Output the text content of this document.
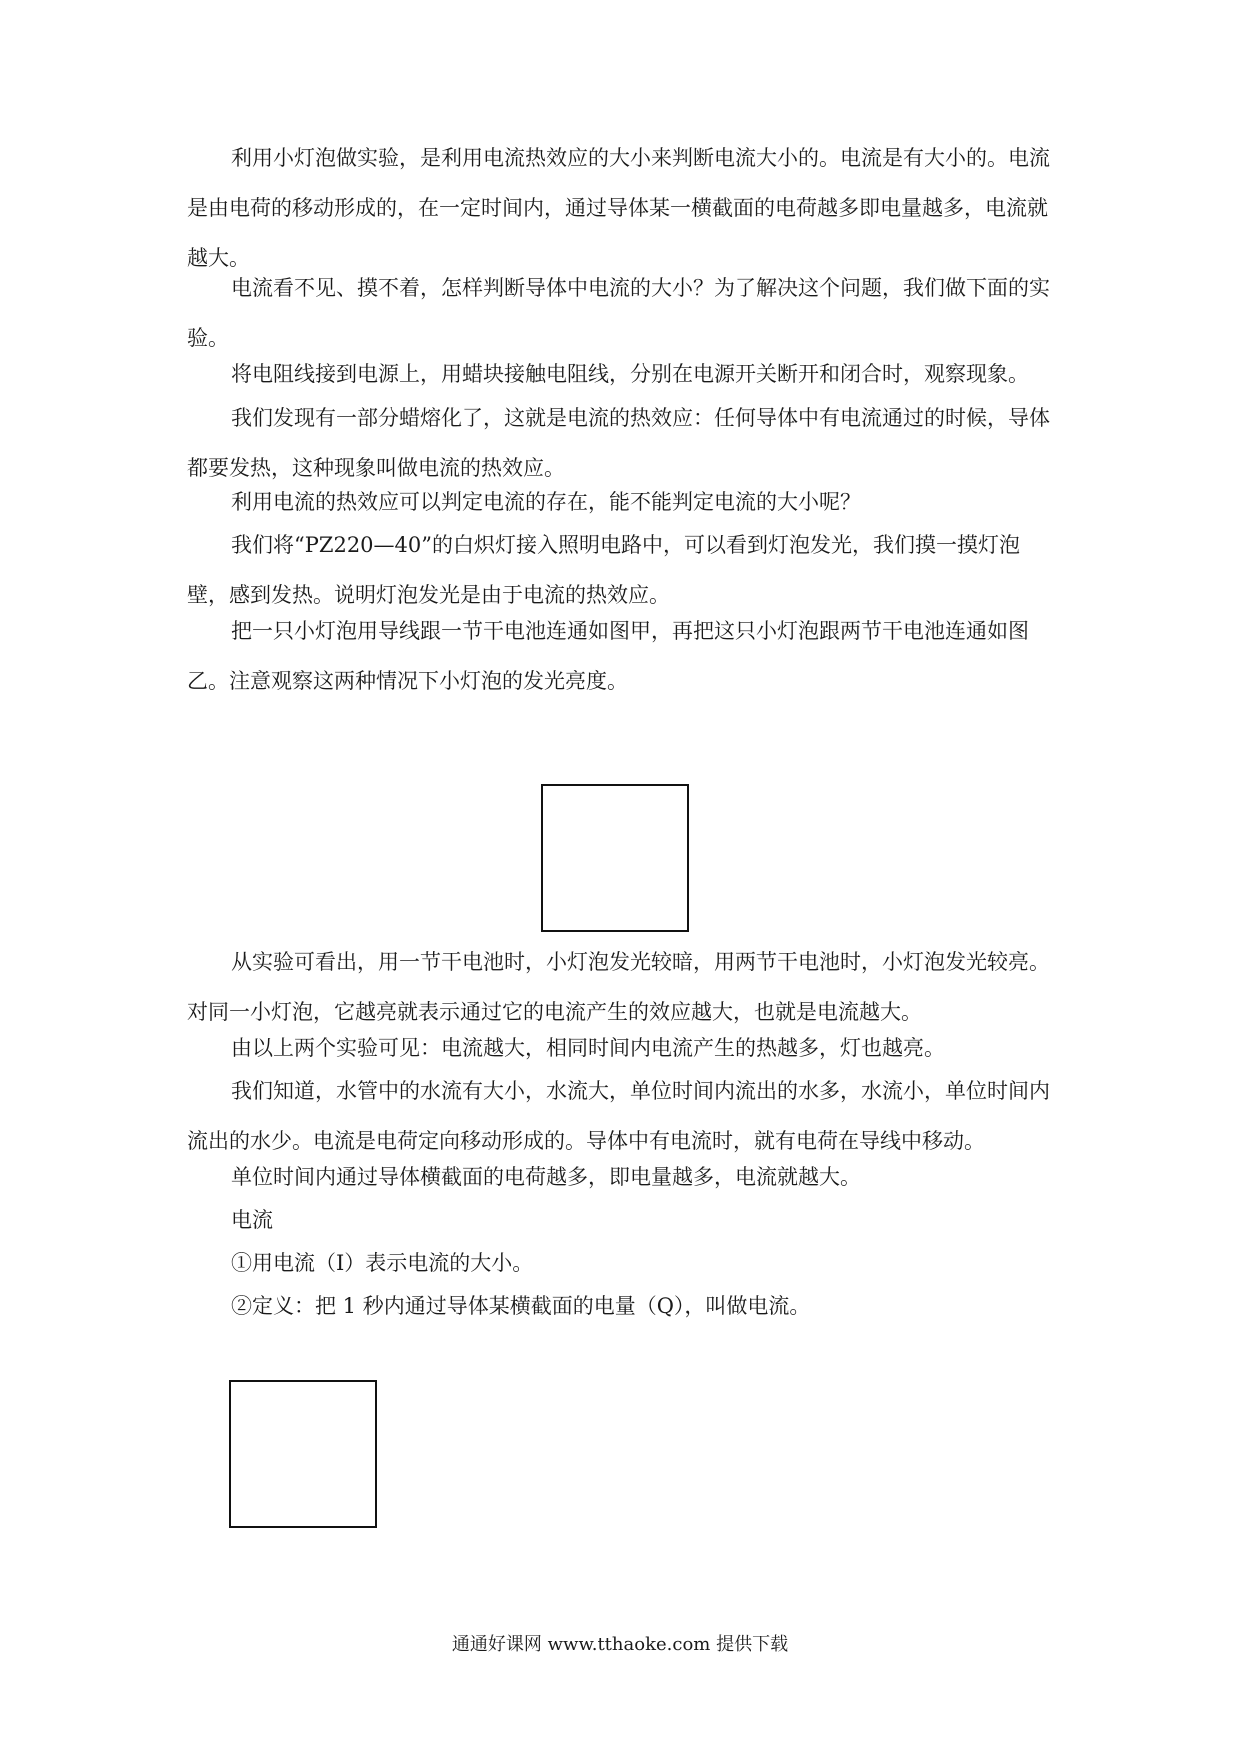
利用小灯泡做实验，是利用电流热效应的大小来判断电流大小的。电流是有大小的。电流是由电荷的移动形成的，在一定时间内，通过导体某一横截面的电荷越多即电量越多，电流就越大。

电流看不见、摸不着，怎样判断导体中电流的大小？为了解决这个问题，我们做下面的实验。

将电阻线接到电源上，用蜡块接触电阻线，分别在电源开关断开和闭合时，观察现象。

我们发现有一部分蜡熔化了，这就是电流的热效应：任何导体中有电流通过的时候，导体都要发热，这种现象叫做电流的热效应。

利用电流的热效应可以判定电流的存在，能不能判定电流的大小呢？

我们将“PZ220—40”的白炽灯接入照明电路中，可以看到灯泡发光，我们摸一摸灯泡壁，感到发热。说明灯泡发光是由于电流的热效应。

把一只小灯泡用导线跟一节干电池连通如图甲，再把这只小灯泡跟两节干电池连通如图乙。注意观察这两种情况下小灯泡的发光亮度。

从实验可看出，用一节干电池时，小灯泡发光较暗，用两节干电池时，小灯泡发光较亮。对同一小灯泡，它越亮就表示通过它的电流产生的效应越大，也就是电流越大。

由以上两个实验可见：电流越大，相同时间内电流产生的热越多，灯也越亮。

我们知道，水管中的水流有大小，水流大，单位时间内流出的水多，水流小，单位时间内流出的水少。电流是电荷定向移动形成的。导体中有电流时，就有电荷在导线中移动。

单位时间内通过导体横截面的电荷越多，即电量越多，电流就越大。

电流

①用电流（I）表示电流的大小。

②定义：把 1 秒内通过导体某横截面的电量（Q），叫做电流。

通通好课网 www.tthaoke.com 提供下载
